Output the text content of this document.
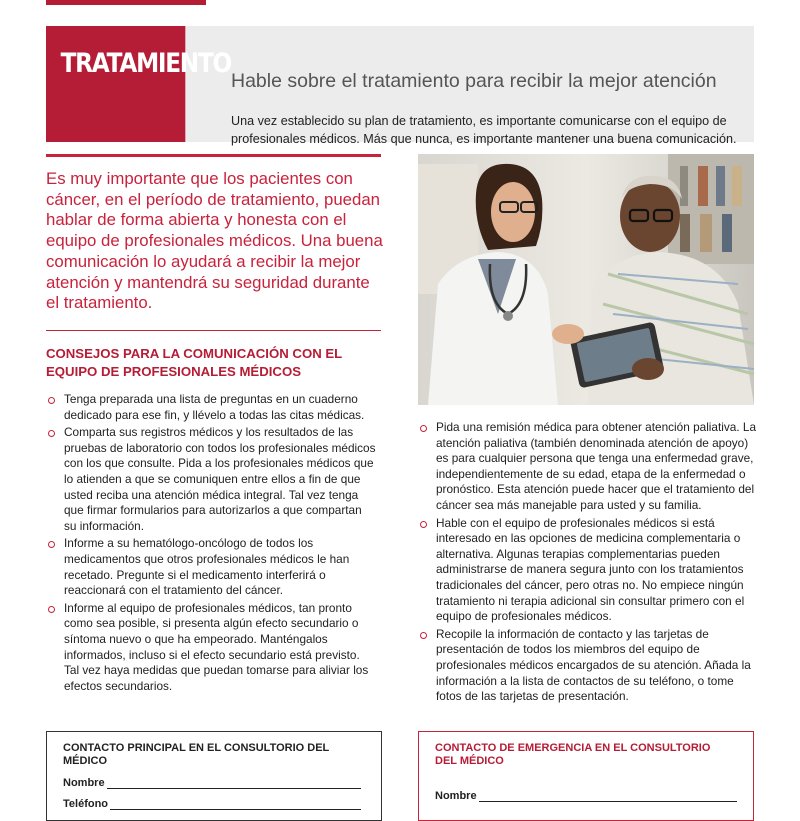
TRATAMIENTO
Hable sobre el tratamiento para recibir la mejor atención
Una vez establecido su plan de tratamiento, es importante comunicarse con el equipo de profesionales médicos. Más que nunca, es importante mantener una buena comunicación.

Es muy importante que los pacientes con cáncer, en el período de tratamiento, puedan hablar de forma abierta y honesta con el equipo de profesionales médicos. Una buena comunicación lo ayudará a recibir la mejor atención y mantendrá su seguridad durante el tratamiento.

CONSEJOS PARA LA COMUNICACIÓN CON EL EQUIPO DE PROFESIONALES MÉDICOS
Tenga preparada una lista de preguntas en un cuaderno dedicado para ese fin, y llévelo a todas las citas médicas.
Comparta sus registros médicos y los resultados de las pruebas de laboratorio con todos los profesionales médicos con los que consulte. Pida a los profesionales médicos que lo atienden a que se comuniquen entre ellos a fin de que usted reciba una atención médica integral. Tal vez tenga que firmar formularios para autorizarlos a que compartan su información.
Informe a su hematólogo-oncólogo de todos los medicamentos que otros profesionales médicos le han recetado. Pregunte si el medicamento interferirá o reaccionará con el tratamiento del cáncer.
Informe al equipo de profesionales médicos, tan pronto como sea posible, si presenta algún efecto secundario o síntoma nuevo o que ha empeorado. Manténgalos informados, incluso si el efecto secundario está previsto. Tal vez haya medidas que puedan tomarse para aliviar los efectos secundarios.
Pida una remisión médica para obtener atención paliativa. La atención paliativa (también denominada atención de apoyo) es para cualquier persona que tenga una enfermedad grave, independientemente de su edad, etapa de la enfermedad o pronóstico. Esta atención puede hacer que el tratamiento del cáncer sea más manejable para usted y su familia.
Hable con el equipo de profesionales médicos si está interesado en las opciones de medicina complementaria o alternativa. Algunas terapias complementarias pueden administrarse de manera segura junto con los tratamientos tradicionales del cáncer, pero otras no. No empiece ningún tratamiento ni terapia adicional sin consultar primero con el equipo de profesionales médicos.
Recopile la información de contacto y las tarjetas de presentación de todos los miembros del equipo de profesionales médicos encargados de su atención. Añada la información a la lista de contactos de su teléfono, o tome fotos de las tarjetas de presentación.
CONTACTO PRINCIPAL EN EL CONSULTORIO DEL MÉDICO
Nombre
Teléfono
CONTACTO DE EMERGENCIA EN EL CONSULTORIO DEL MÉDICO
Nombre
